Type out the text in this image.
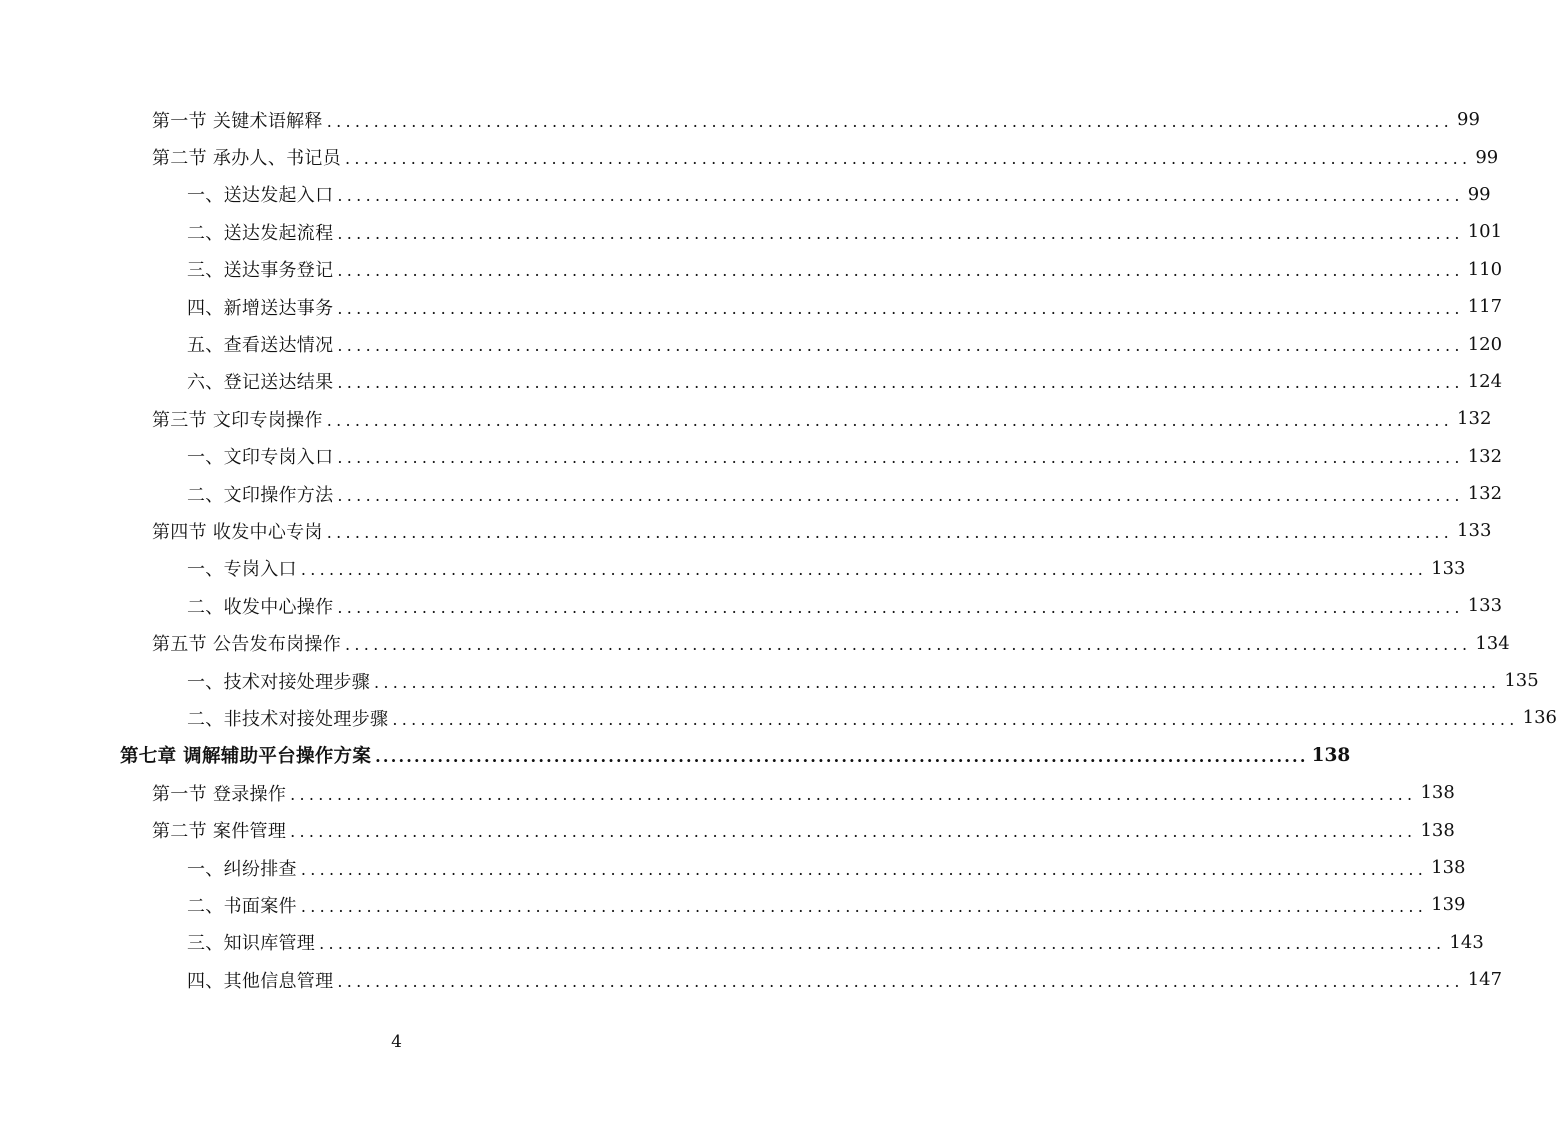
第一节 关键术语解释 ........................................................................................................................ 99
第二节 承办人、书记员 ........................................................................................................................ 99
一、送达发起入口 ........................................................................................................................ 99
二、送达发起流程 ........................................................................................................................ 101
三、送达事务登记 ........................................................................................................................ 110
四、新增送达事务 ........................................................................................................................ 117
五、查看送达情况 ........................................................................................................................ 120
六、登记送达结果 ........................................................................................................................ 124
第三节 文印专岗操作 ........................................................................................................................ 132
一、文印专岗入口 ........................................................................................................................ 132
二、文印操作方法 ........................................................................................................................ 132
第四节 收发中心专岗 ........................................................................................................................ 133
一、专岗入口 ........................................................................................................................ 133
二、收发中心操作 ........................................................................................................................ 133
第五节 公告发布岗操作 ........................................................................................................................ 134
一、技术对接处理步骤 ........................................................................................................................ 135
二、非技术对接处理步骤 ........................................................................................................................ 136
第七章 调解辅助平台操作方案 ........................................................................................................................ 138
第一节 登录操作 ........................................................................................................................ 138
第二节 案件管理 ........................................................................................................................ 138
一、纠纷排查 ........................................................................................................................ 138
二、书面案件 ........................................................................................................................ 139
三、知识库管理 ........................................................................................................................ 143
四、其他信息管理 ........................................................................................................................ 147
4
